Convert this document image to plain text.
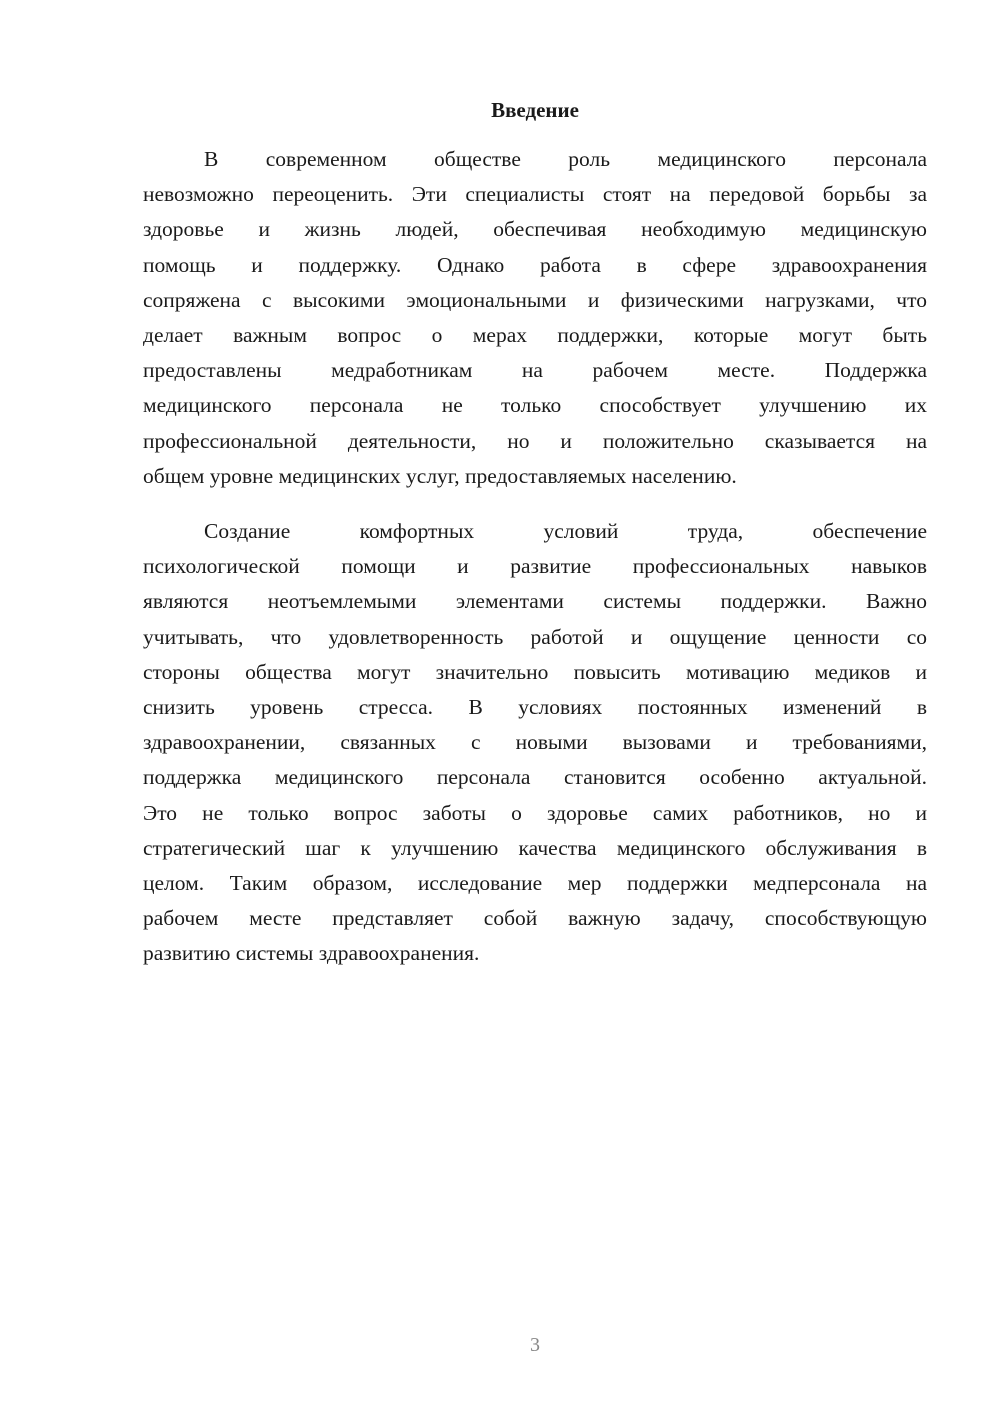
Введение
В современном обществе роль медицинского персонала
невозможно переоценить. Эти специалисты стоят на передовой борьбы за
здоровье и жизнь людей, обеспечивая необходимую медицинскую
помощь и поддержку. Однако работа в сфере здравоохранения
сопряжена с высокими эмоциональными и физическими нагрузками, что
делает важным вопрос о мерах поддержки, которые могут быть
предоставлены медработникам на рабочем месте. Поддержка
медицинского персонала не только способствует улучшению их
профессиональной деятельности, но и положительно сказывается на
общем уровне медицинских услуг, предоставляемых населению.
Создание комфортных условий труда, обеспечение
психологической помощи и развитие профессиональных навыков
являются неотъемлемыми элементами системы поддержки. Важно
учитывать, что удовлетворенность работой и ощущение ценности со
стороны общества могут значительно повысить мотивацию медиков и
снизить уровень стресса. В условиях постоянных изменений в
здравоохранении, связанных с новыми вызовами и требованиями,
поддержка медицинского персонала становится особенно актуальной.
Это не только вопрос заботы о здоровье самих работников, но и
стратегический шаг к улучшению качества медицинского обслуживания в
целом. Таким образом, исследование мер поддержки медперсонала на
рабочем месте представляет собой важную задачу, способствующую
развитию системы здравоохранения.
3
